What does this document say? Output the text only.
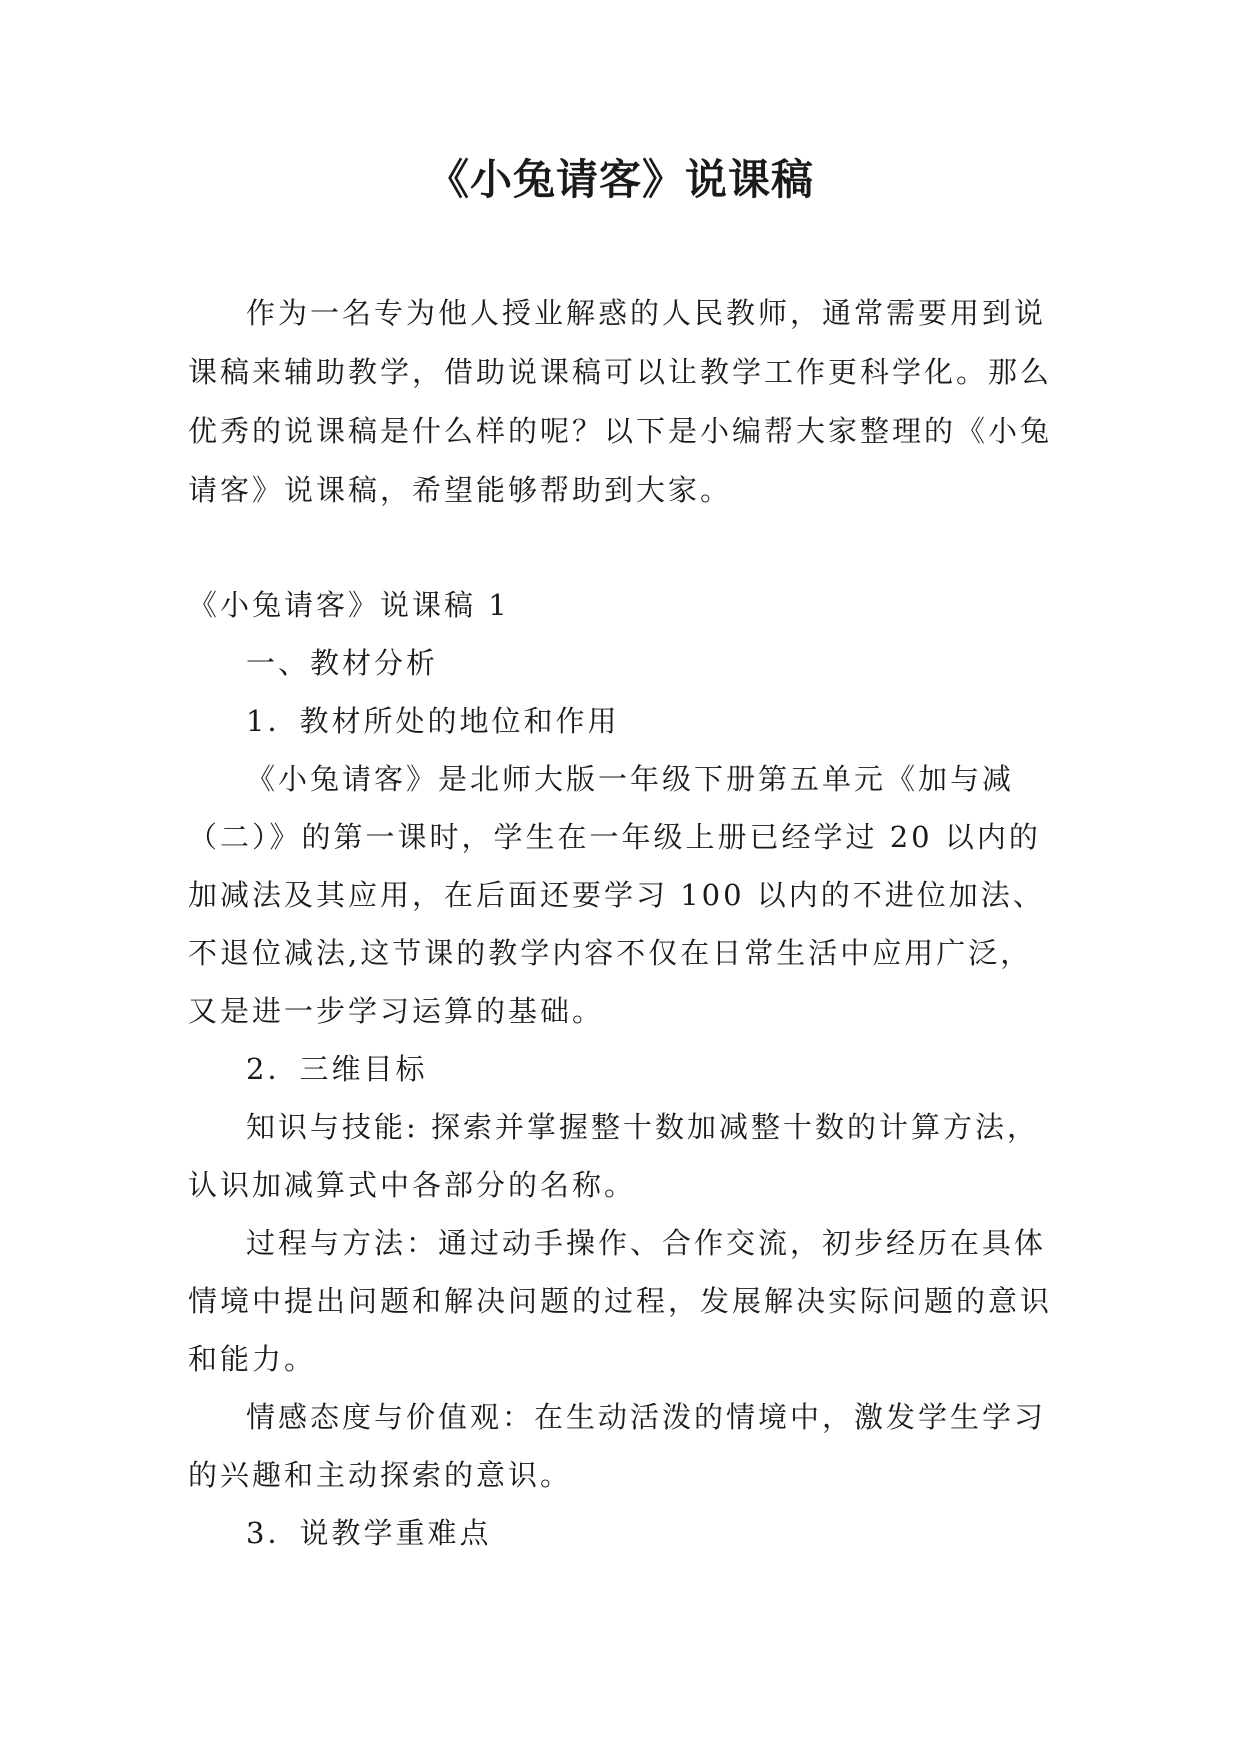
《小兔请客》说课稿

作为一名专为他人授业解惑的人民教师，通常需要用到说课稿来辅助教学，借助说课稿可以让教学工作更科学化。那么优秀的说课稿是什么样的呢？以下是小编帮大家整理的《小兔请客》说课稿，希望能够帮助到大家。

《小兔请客》说课稿 1

一、教材分析

1．教材所处的地位和作用

《小兔请客》是北师大版一年级下册第五单元《加与减（二）》的第一课时，学生在一年级上册已经学过 20 以内的加减法及其应用，在后面还要学习 100 以内的不进位加法、不退位减法,这节课的教学内容不仅在日常生活中应用广泛，又是进一步学习运算的基础。

2．三维目标

知识与技能: 探索并掌握整十数加减整十数的计算方法，认识加减算式中各部分的名称。

过程与方法：通过动手操作、合作交流，初步经历在具体情境中提出问题和解决问题的过程，发展解决实际问题的意识和能力。

情感态度与价值观：在生动活泼的情境中，激发学生学习的兴趣和主动探索的意识。

3．说教学重难点
